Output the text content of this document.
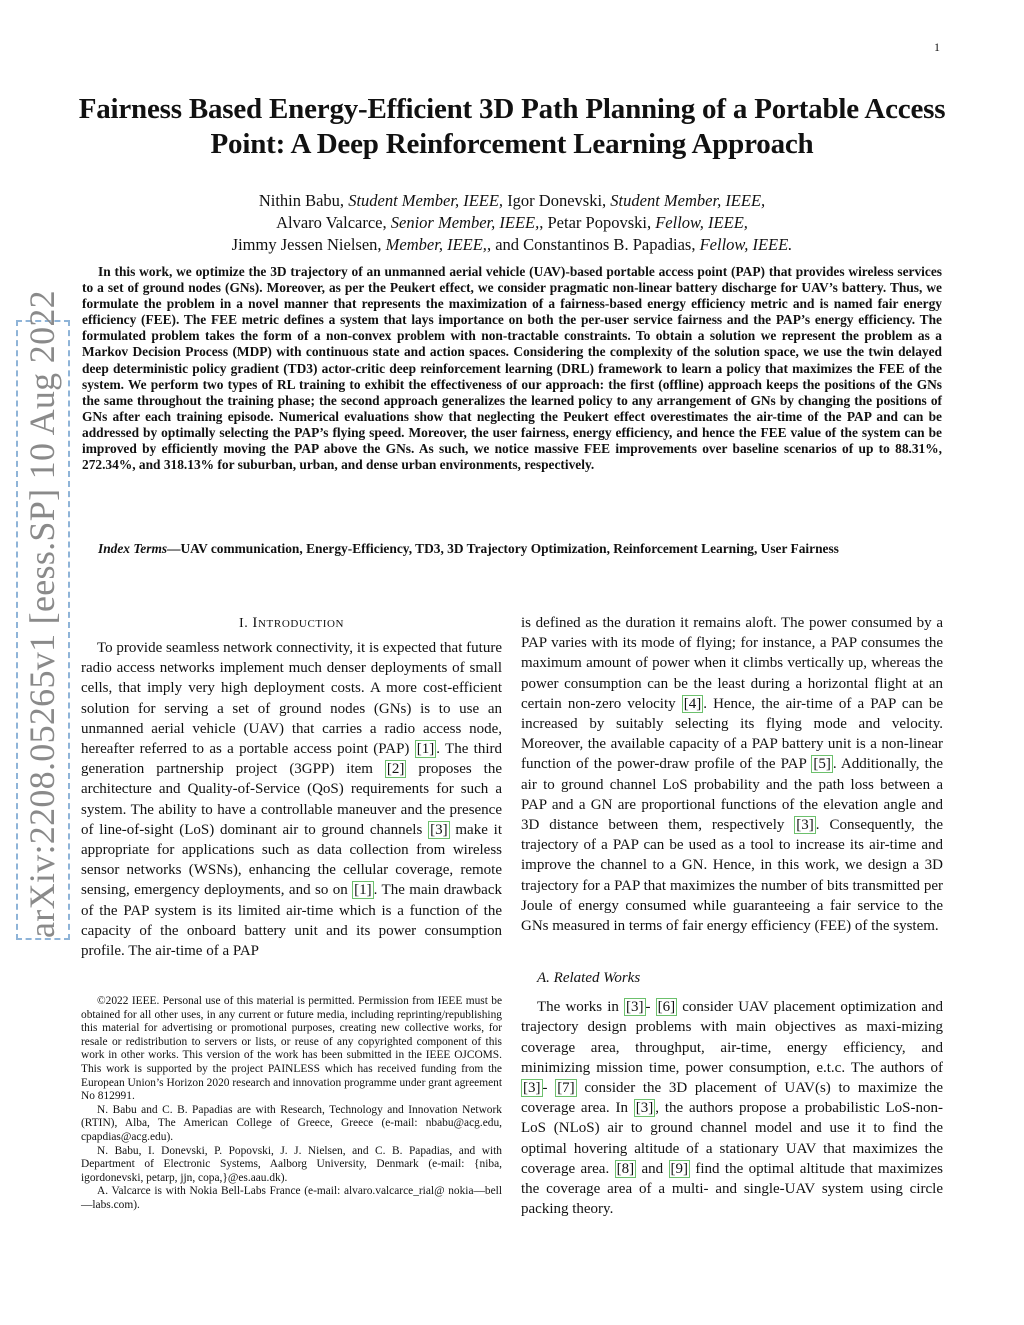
1
arXiv:2208.05265v1 [eess.SP] 10 Aug 2022
Fairness Based Energy-Efficient 3D Path Planning of a Portable Access Point: A Deep Reinforcement Learning Approach
Nithin Babu, Student Member, IEEE, Igor Donevski, Student Member, IEEE,
Alvaro Valcarce, Senior Member, IEEE,, Petar Popovski, Fellow, IEEE,
Jimmy Jessen Nielsen, Member, IEEE,, and Constantinos B. Papadias, Fellow, IEEE.
In this work, we optimize the 3D trajectory of an unmanned aerial vehicle (UAV)-based portable access point (PAP) that provides wireless services to a set of ground nodes (GNs). Moreover, as per the Peukert effect, we consider pragmatic non-linear battery discharge for UAV’s battery. Thus, we formulate the problem in a novel manner that represents the maximization of a fairness-based energy efficiency metric and is named fair energy efficiency (FEE). The FEE metric defines a system that lays importance on both the per-user service fairness and the PAP’s energy efficiency. The formulated problem takes the form of a non-convex problem with non-tractable constraints. To obtain a solution we represent the problem as a Markov Decision Process (MDP) with continuous state and action spaces. Considering the complexity of the solution space, we use the twin delayed deep deterministic policy gradient (TD3) actor-critic deep reinforcement learning (DRL) framework to learn a policy that maximizes the FEE of the system. We perform two types of RL training to exhibit the effectiveness of our approach: the first (offline) approach keeps the positions of the GNs the same throughout the training phase; the second approach generalizes the learned policy to any arrangement of GNs by changing the positions of GNs after each training episode. Numerical evaluations show that neglecting the Peukert effect overestimates the air-time of the PAP and can be addressed by optimally selecting the PAP’s flying speed. Moreover, the user fairness, energy efficiency, and hence the FEE value of the system can be improved by efficiently moving the PAP above the GNs. As such, we notice massive FEE improvements over baseline scenarios of up to 88.31%, 272.34%, and 318.13% for suburban, urban, and dense urban environments, respectively.
Index Terms—UAV communication, Energy-Efficiency, TD3, 3D Trajectory Optimization, Reinforcement Learning, User Fairness
I. Introduction

To provide seamless network connectivity, it is expected that future radio access networks implement much denser deployments of small cells, that imply very high deployment costs. A more cost-efficient solution for serving a set of ground nodes (GNs) is to use an unmanned aerial vehicle (UAV) that carries a radio access node, hereafter referred to as a portable access point (PAP) [1] . The third generation partnership project (3GPP) item [2] proposes the architecture and Quality-of-Service (QoS) requirements for such a system. The ability to have a controllable maneuver and the presence of line-of-sight (LoS) dominant air to ground channels [3] make it appropriate for applications such as data collection from wireless sensor networks (WSNs), enhancing the cellular coverage, remote sensing, emergency deployments, and so on [1] . The main drawback of the PAP system is its limited air-time which is a function of the capacity of the onboard battery unit and its power consumption profile. The air-time of a PAP

©2022 IEEE. Personal use of this material is permitted. Permission from IEEE must be obtained for all other uses, in any current or future media, including reprinting/republishing this material for advertising or promotional purposes, creating new collective works, for resale or redistribution to servers or lists, or reuse of any copyrighted component of this work in other works. This version of the work has been submitted in the IEEE OJCOMS. This work is supported by the project PAINLESS which has received funding from the European Union’s Horizon 2020 research and innovation programme under grant agreement No 812991.

N. Babu and C. B. Papadias are with Research, Technology and Innovation Network (RTIN), Alba, The American College of Greece, Greece (e-mail: nbabu@acg.edu, cpapdias@acg.edu).

N. Babu, I. Donevski, P. Popovski, J. J. Nielsen, and C. B. Papadias, and with Department of Electronic Systems, Aalborg University, Denmark (e-mail: {niba, igordonevski, petarp, jjn, copa,}@es.aau.dk).

A. Valcarce is with Nokia Bell-Labs France (e-mail: alvaro.valcarce_rial@ nokia—bell—labs.com).

is defined as the duration it remains aloft. The power consumed by a PAP varies with its mode of flying; for instance, a PAP consumes the maximum amount of power when it climbs vertically up, whereas the power consumption can be the least during a horizontal flight at an certain non-zero velocity [4] . Hence, the air-time of a PAP can be increased by suitably selecting its flying mode and velocity. Moreover, the available capacity of a PAP battery unit is a non-linear function of the power-draw profile of the PAP [5] . Additionally, the air to ground channel LoS probability and the path loss between a PAP and a GN are proportional functions of the elevation angle and 3D distance between them, respectively [3] . Consequently, the trajectory of a PAP can be used as a tool to increase its air-time and improve the channel to a GN. Hence, in this work, we design a 3D trajectory for a PAP that maximizes the number of bits transmitted per Joule of energy consumed while guaranteeing a fair service to the GNs measured in terms of fair energy efficiency (FEE) of the system.

A. Related Works

The works in [3] - [6] consider UAV placement optimization and trajectory design problems with main objectives as maxi-mizing coverage area, throughput, air-time, energy efficiency, and minimizing mission time, power consumption, e.t.c. The authors of [3] - [7] consider the 3D placement of UAV(s) to maximize the coverage area. In [3] , the authors propose a probabilistic LoS-non-LoS (NLoS) air to ground channel model and use it to find the optimal hovering altitude of a stationary UAV that maximizes the coverage area. [8] and [9] find the optimal altitude that maximizes the coverage area of a multi- and single-UAV system using circle packing theory.
